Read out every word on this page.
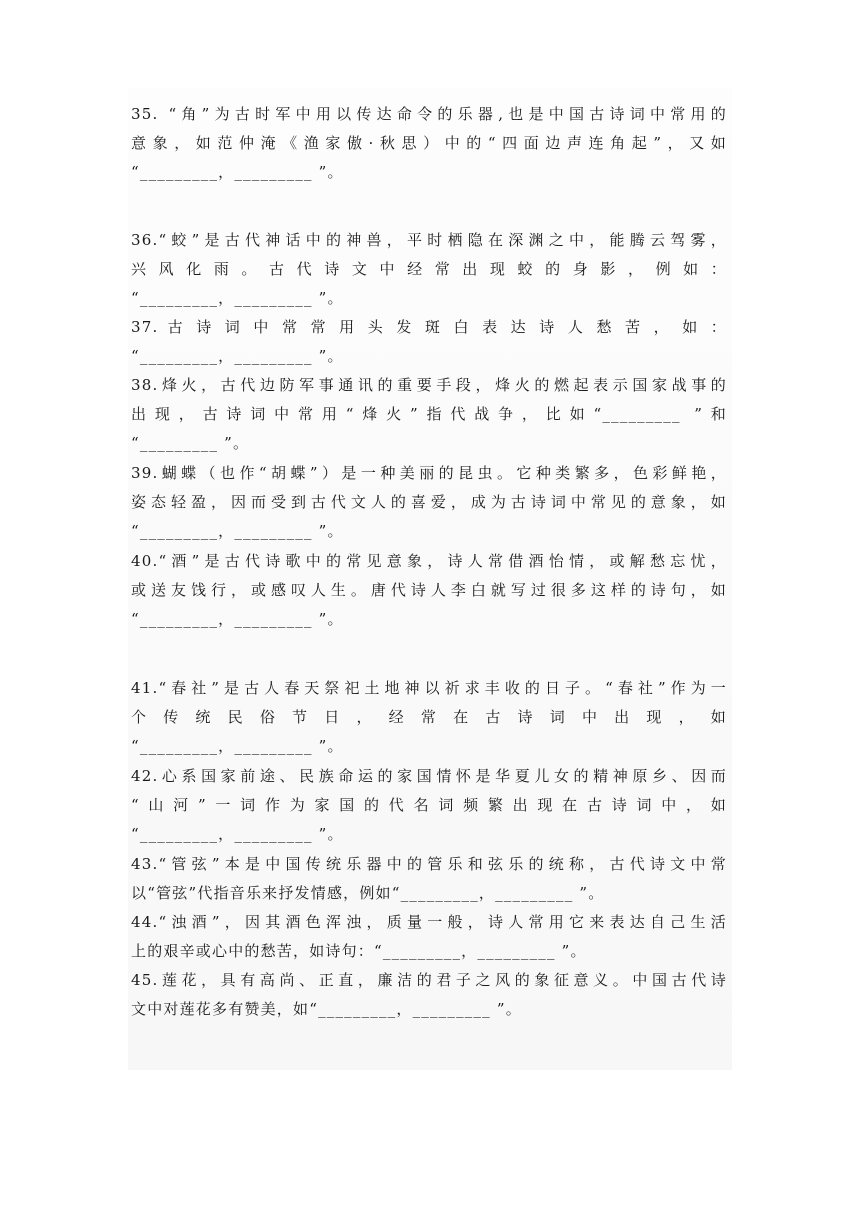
35. “角”为古时军中用以传达命令的乐器,也是中国古诗词中常用的
意象，如范仲淹《渔家傲·秋思）中的“四面边声连角起”，又如
“_________，_________ ”。
36.“蛟”是古代神话中的神兽，平时栖隐在深渊之中，能腾云驾雾，
兴 风 化 雨 。 古 代 诗 文 中 经 常 出 现 蛟 的 身 影 ， 例 如 ：
“_________，_________ ”。
37. 古 诗 词 中 常 常 用 头 发 斑 白 表 达 诗 人 愁 苦 ， 如 ：
“_________，_________ ”。
38.烽火，古代边防军事通讯的重要手段，烽火的燃起表示国家战事的
出现，古诗词中常用“烽火”指代战争，比如“_________ ”和
“_________ ”。
39.蝴蝶（也作“胡蝶”）是一种美丽的昆虫。它种类繁多，色彩鲜艳，
姿态轻盈，因而受到古代文人的喜爱，成为古诗词中常见的意象，如
“_________，_________ ”。
40.“酒”是古代诗歌中的常见意象，诗人常借酒怡情，或解愁忘忧，
或送友饯行，或感叹人生。唐代诗人李白就写过很多这样的诗句，如
“_________，_________ ”。
41.“春社”是古人春天祭祀土地神以祈求丰收的日子。“春社”作为一
个 传 统 民 俗 节 日 ， 经 常 在 古 诗 词 中 出 现 ， 如
“_________，_________ ”。
42.心系国家前途、民族命运的家国情怀是华夏儿女的精神原乡、因而
“山河”一词作为家国的代名词频繁出现在古诗词中，如
“_________，_________ ”。
43.“管弦”本是中国传统乐器中的管乐和弦乐的统称，古代诗文中常
以“管弦”代指音乐来抒发情感，例如“_________，_________ ”。
44.“浊酒”，因其酒色浑浊，质量一般，诗人常用它来表达自己生活
上的艰辛或心中的愁苦，如诗句：“_________，_________ ”。
45.莲花，具有高尚、正直，廉洁的君子之风的象征意义。中国古代诗
文中对莲花多有赞美，如“_________，_________ ”。
